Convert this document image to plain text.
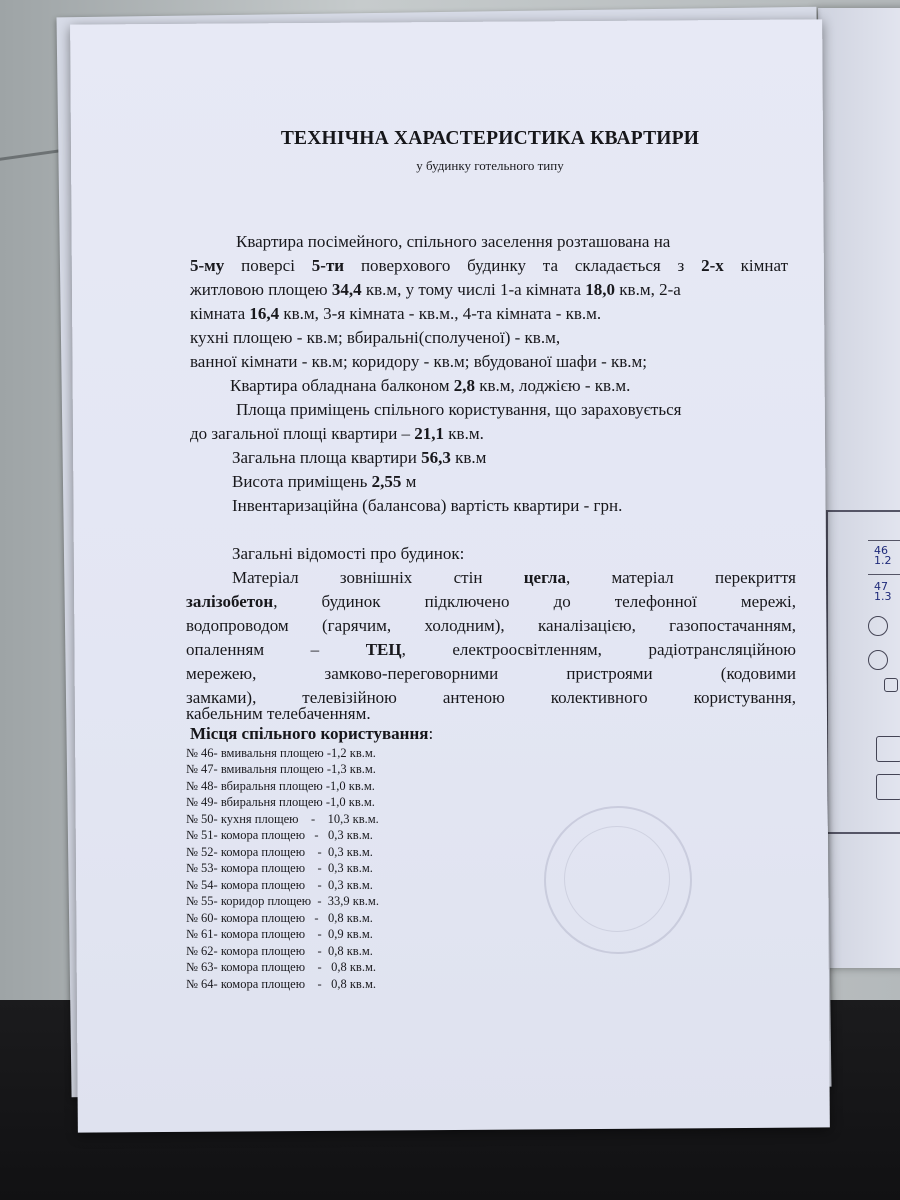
46
1.2
47
1.3
ТЕХНІЧНА ХАРАСТЕРИСТИКА КВАРТИРИ
у будинку готельного типу
Квартира посімейного, спільного заселення розташована на
5-му поверсі 5-ти поверхового будинку та складається з 2-х кімнат
житловою площею 34,4 кв.м, у тому числі 1-а кімната 18,0 кв.м, 2-а
кімната 16,4 кв.м, 3-я кімната - кв.м., 4-та кімната - кв.м.
кухні площею - кв.м; вбиральні(сполученої) - кв.м,
ванної кімнати - кв.м; коридору - кв.м; вбудованої шафи - кв.м;
Квартира обладнана балконом 2,8 кв.м, лоджією - кв.м.
Площа приміщень спільного користування, що зараховується
до загальної площі квартири – 21,1 кв.м.
Загальна площа квартири 56,3 кв.м
Висота приміщень 2,55 м
Інвентаризаційна (балансова) вартість квартири - грн.
Загальні відомості про будинок:
Матеріал зовнішніх стін цегла, матеріал перекриття
залізобетон, будинок підключено до телефонної мережі,
водопроводом (гарячим, холодним), каналізацією, газопостачанням,
опаленням – ТЕЦ, електроосвітленням, радіотрансляційною
мережею, замково-переговорними пристроями (кодовими
замками), телевізійною антеною колективного користування,
кабельним телебаченням.
Місця спільного користування:
№ 46- вмивальня площею -1,2 кв.м.
№ 47- вмивальня площею -1,3 кв.м.
№ 48- вбиральня площею -1,0 кв.м.
№ 49- вбиральня площею -1,0 кв.м.
№ 50- кухня площею    -    10,3 кв.м.
№ 51- комора площею   -   0,3 кв.м.
№ 52- комора площею    -  0,3 кв.м.
№ 53- комора площею    -  0,3 кв.м.
№ 54- комора площею    -  0,3 кв.м.
№ 55- коридор площею  -  33,9 кв.м.
№ 60- комора площею   -   0,8 кв.м.
№ 61- комора площею    -  0,9 кв.м.
№ 62- комора площею    -  0,8 кв.м.
№ 63- комора площею    -   0,8 кв.м.
№ 64- комора площею    -   0,8 кв.м.
